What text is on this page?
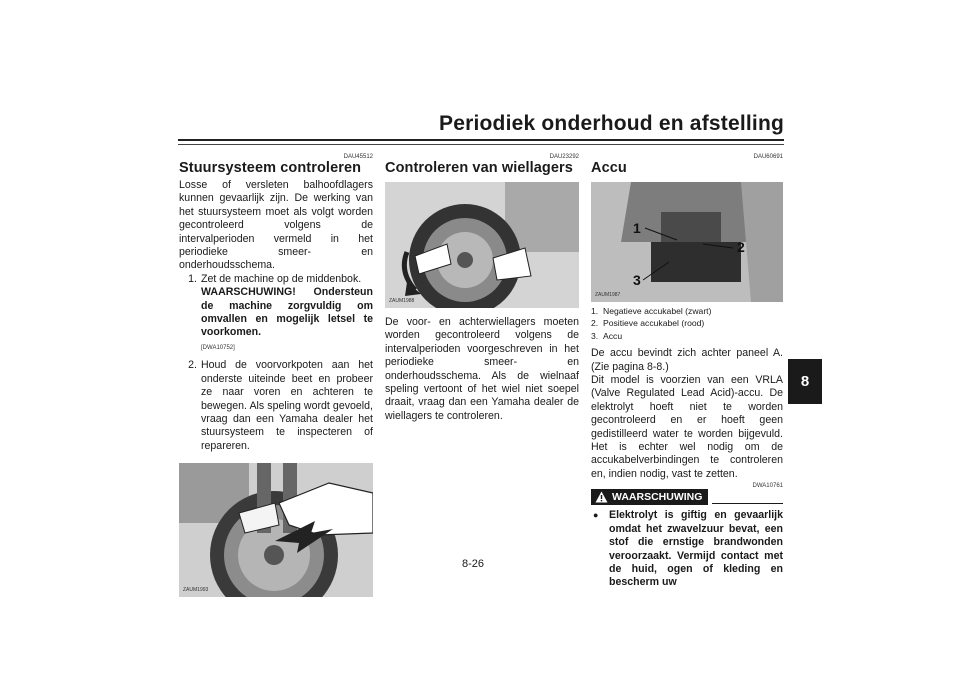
Periodiek onderhoud en afstelling
8
DAU45512
Stuursysteem controleren

Losse of versleten balhoofdlagers kunnen gevaarlijk zijn. De werking van het stuursysteem moet als volgt worden gecontroleerd volgens de intervalperioden vermeld in het periodieke smeer- en onderhoudsschema.

1. Zet de machine op de middenbok.
WAARSCHUWING! Ondersteun de machine zorgvuldig om omvallen en mogelijk letsel te voorkomen.
[DWA10752]
2. Houd de voorvorkpoten aan het onderste uiteinde beet en probeer ze naar voren en achteren te bewegen. Als speling wordt gevoeld, vraag dan een Yamaha dealer het stuursysteem te inspecteren of repareren.
ZAUM1993
DAU23292
Controleren van wiellagers
ZAUM1988

De voor- en achterwiellagers moeten worden gecontroleerd volgens de intervalperioden voorgeschreven in het periodieke smeer- en onderhoudsschema. Als de wielnaaf speling vertoont of het wiel niet soepel draait, vraag dan een Yamaha dealer de wiellagers te controleren.

DAU60691
Accu
1
2
3
ZAUM1987
1. Negatieve accukabel (zwart)
2. Positieve accukabel (rood)
3. Accu

De accu bevindt zich achter paneel A. (Zie pagina 8-8.)

Dit model is voorzien van een VRLA (Valve Regulated Lead Acid)-accu. De elektrolyt hoeft niet te worden gecontroleerd en er hoeft geen gedistilleerd water te worden bijgevuld. Het is echter wel nodig om de accukabelverbindingen te controleren en, indien nodig, vast te zetten.

DWA10761
WAARSCHUWING
● Elektrolyt is giftig en gevaarlijk omdat het zwavelzuur bevat, een stof die ernstige brandwonden veroorzaakt. Vermijd contact met de huid, ogen of kleding en bescherm uw
8-26
